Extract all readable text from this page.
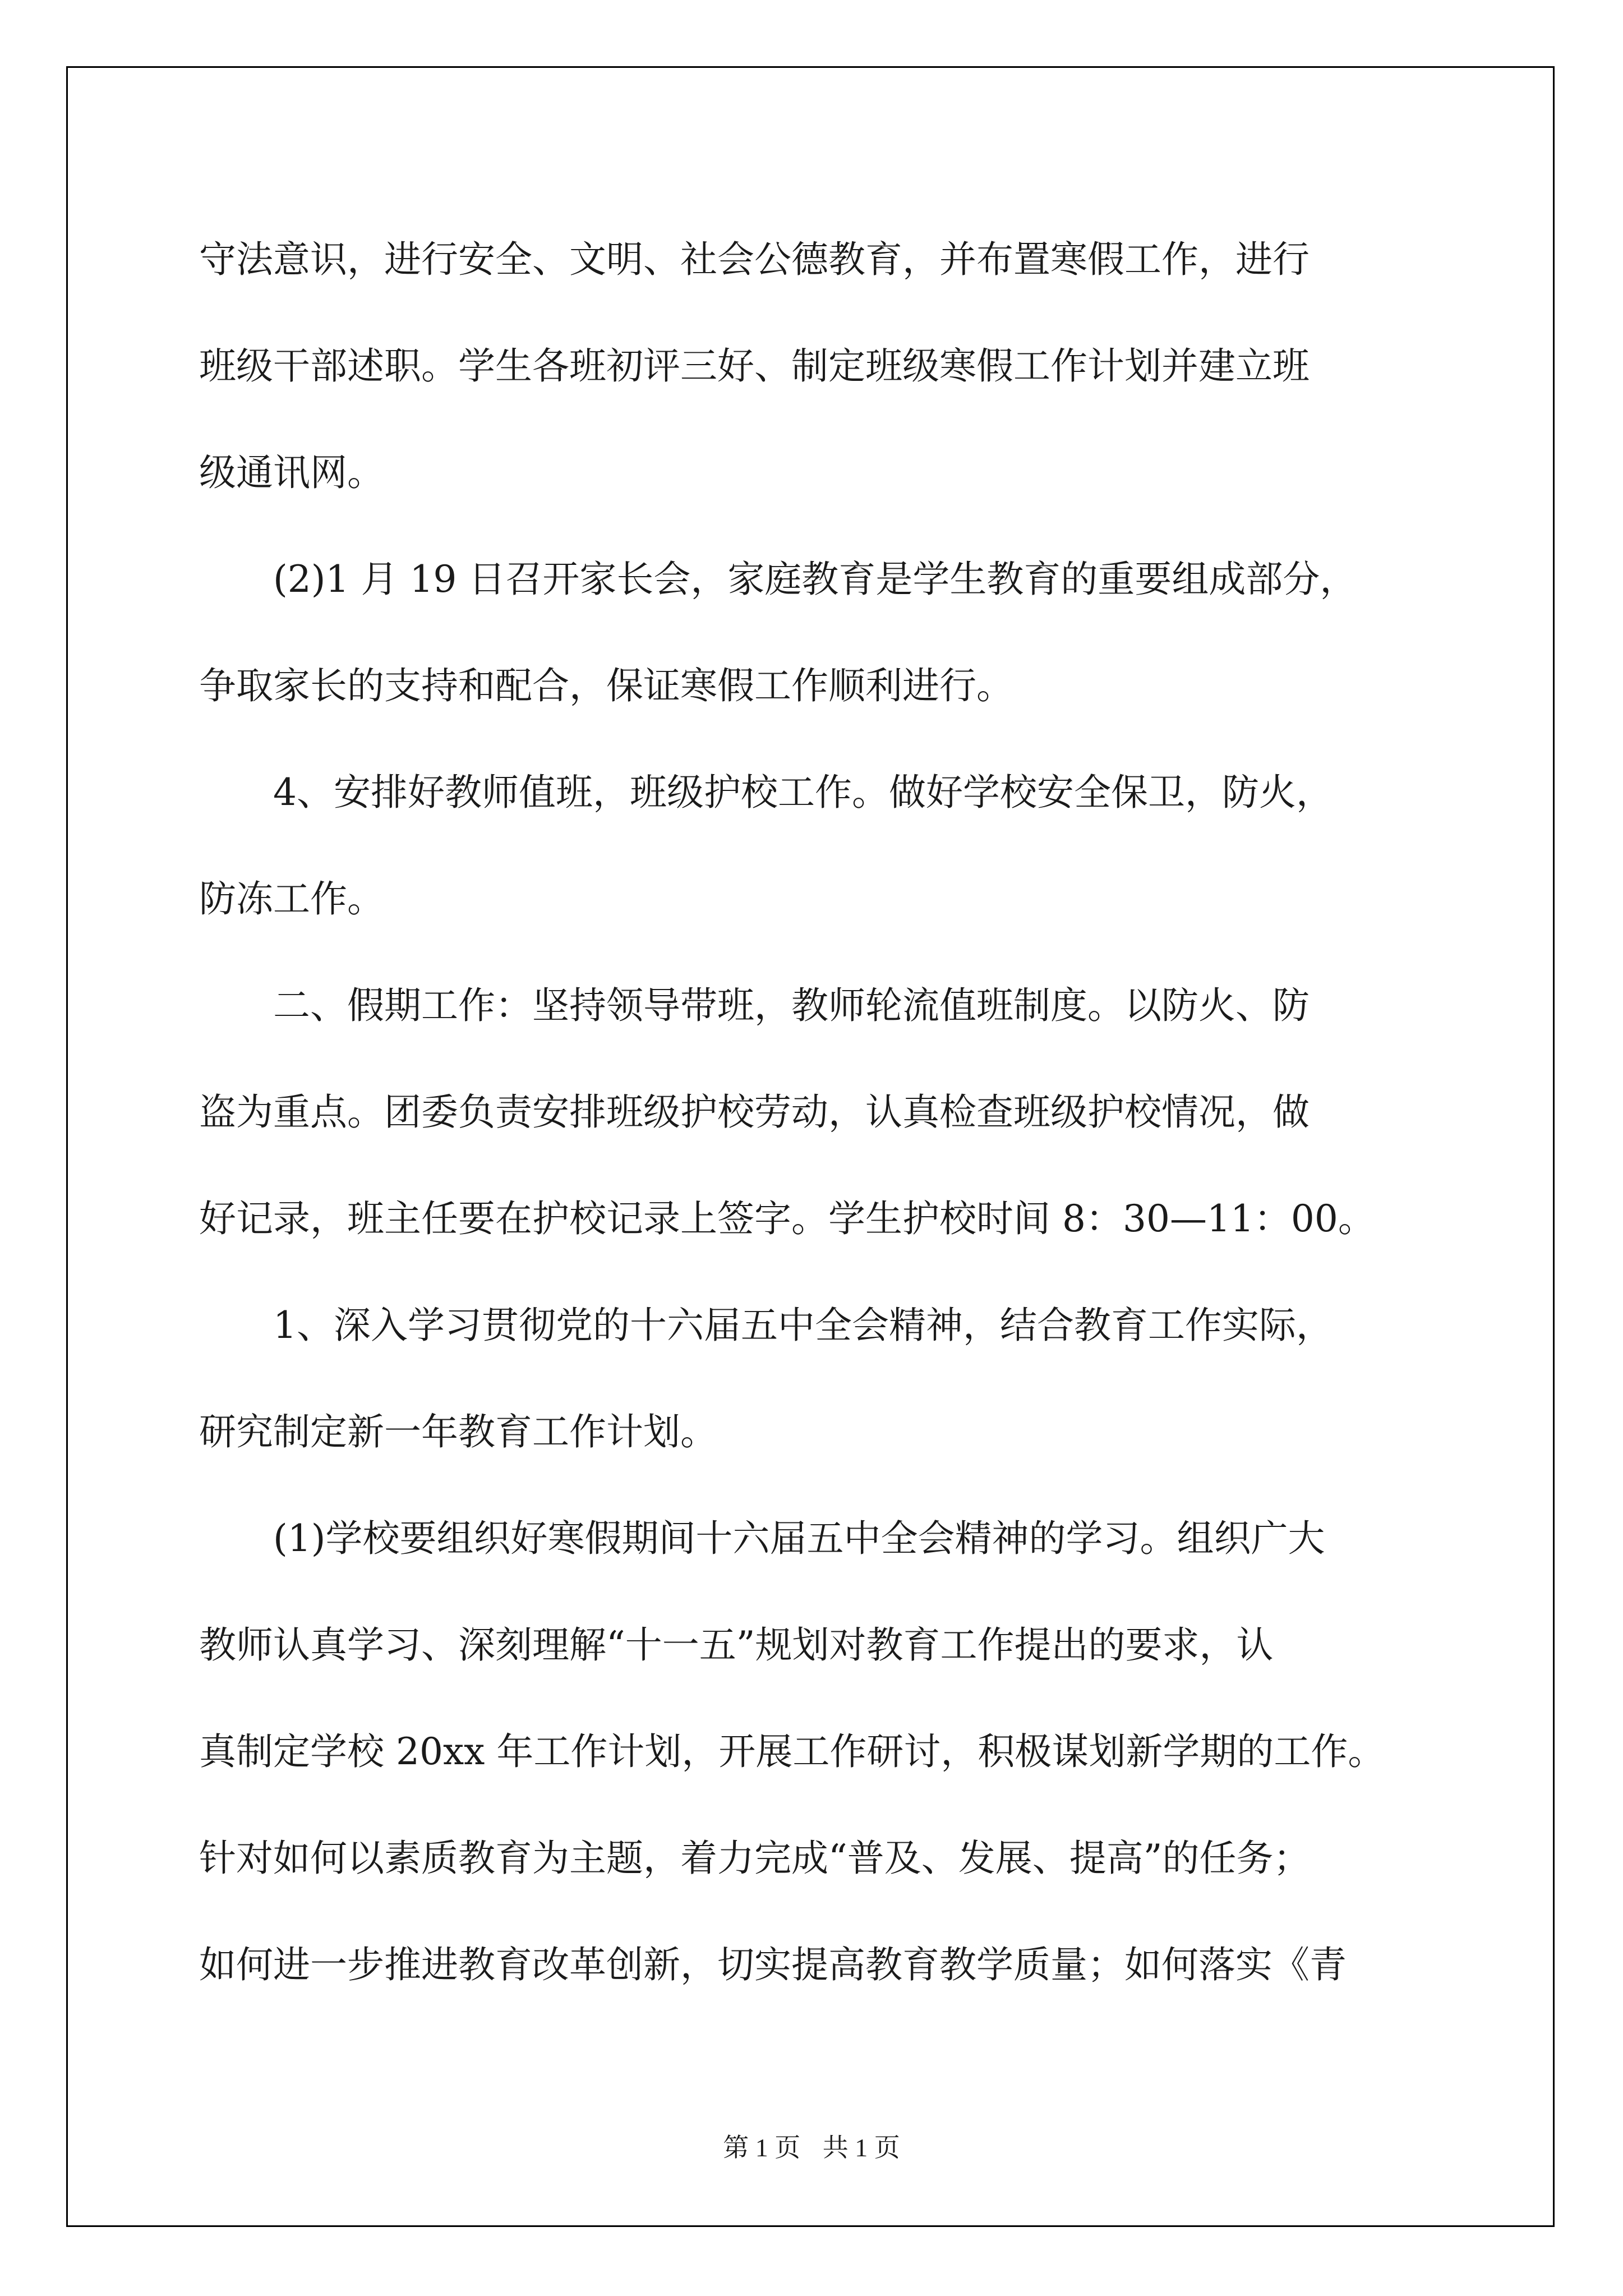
守法意识，进行安全、文明、社会公德教育，并布置寒假工作，进行
班级干部述职。学生各班初评三好、制定班级寒假工作计划并建立班
级通讯网。
　　(2)1 月 19 日召开家长会，家庭教育是学生教育的重要组成部分，
争取家长的支持和配合，保证寒假工作顺利进行。
　　4、安排好教师值班，班级护校工作。做好学校安全保卫，防火，
防冻工作。
　　二、假期工作：坚持领导带班，教师轮流值班制度。以防火、防
盗为重点。团委负责安排班级护校劳动，认真检查班级护校情况，做
好记录，班主任要在护校记录上签字。学生护校时间 8：30—11：00。
　　1、深入学习贯彻党的十六届五中全会精神，结合教育工作实际，
研究制定新一年教育工作计划。
　　(1)学校要组织好寒假期间十六届五中全会精神的学习。组织广大
教师认真学习、深刻理解“十一五”规划对教育工作提出的要求，认
真制定学校 20xx 年工作计划，开展工作研讨，积极谋划新学期的工作。
针对如何以素质教育为主题，着力完成“普及、发展、提高”的任务；
如何进一步推进教育改革创新，切实提高教育教学质量；如何落实《青
第 1 页 共 1 页
